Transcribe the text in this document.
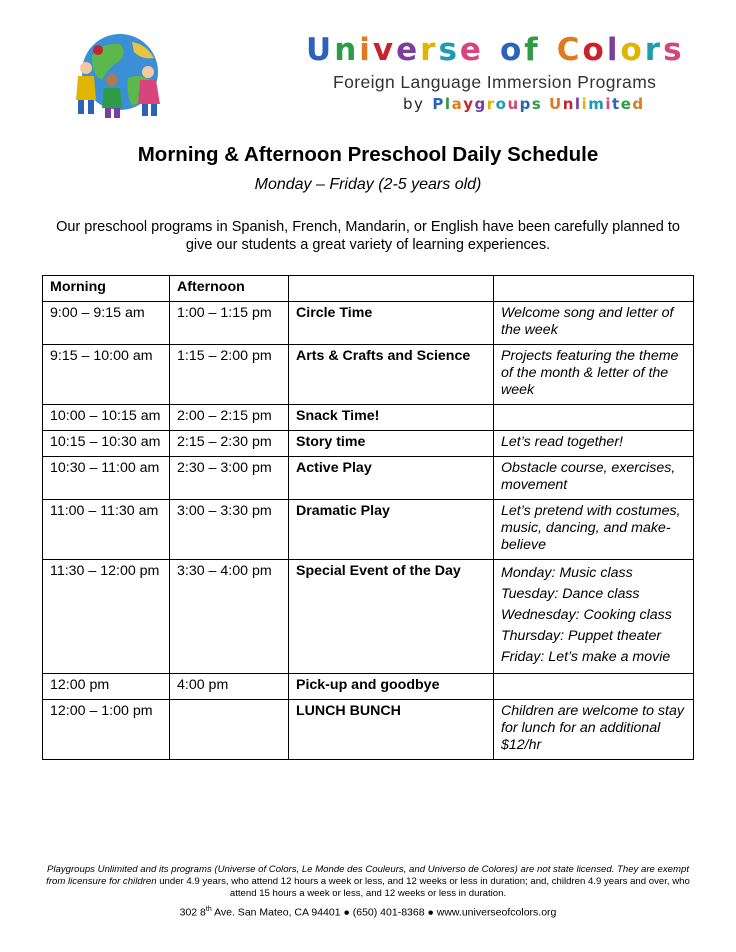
U n i v e r s e o f C o l o r s
Foreign Language Immersion Programs
by P l a y g r o u p s
U n l i m i t e d
Morning & Afternoon Preschool Daily Schedule
Monday – Friday (2-5 years old)
Our preschool programs in Spanish, French, Mandarin, or English have been carefully planned to give our students a great variety of learning experiences.
Morning	Afternoon		
9:00 – 9:15 am	1:00 – 1:15 pm	Circle Time	Welcome song and letter of the week
9:15 – 10:00 am	1:15 – 2:00 pm	Arts & Crafts and Science	Projects featuring the theme of the month & letter of the week
10:00 – 10:15 am	2:00 – 2:15 pm	Snack Time!	
10:15 – 10:30 am	2:15 – 2:30 pm	Story time	Let’s read together!
10:30 – 11:00 am	2:30 – 3:00 pm	Active Play	Obstacle course, exercises, movement
11:00 – 11:30 am	3:00 – 3:30 pm	Dramatic Play	Let’s pretend with costumes, music, dancing, and make-believe
11:30 – 12:00 pm	3:30 – 4:00 pm	Special Event of the Day	Monday: Music class
Tuesday: Dance class
Wednesday: Cooking class
Thursday: Puppet theater
Friday: Let’s make a movie

12:00 pm	4:00 pm	Pick-up and goodbye	
12:00 – 1:00 pm		LUNCH BUNCH	Children are welcome to stay for lunch for an additional $12/hr
Playgroups Unlimited and its programs (Universe of Colors, Le Monde des Couleurs, and Universo de Colores) are not state licensed. They are exempt from licensure for children under 4.9 years, who attend 12 hours a week or less, and 12 weeks or less in duration; and, children 4.9 years and over, who attend 15 hours a week or less, and 12 weeks or less in duration.
302 8th Ave. San Mateo, CA 94401 ● (650) 401-8368 ● www.universeofcolors.org
